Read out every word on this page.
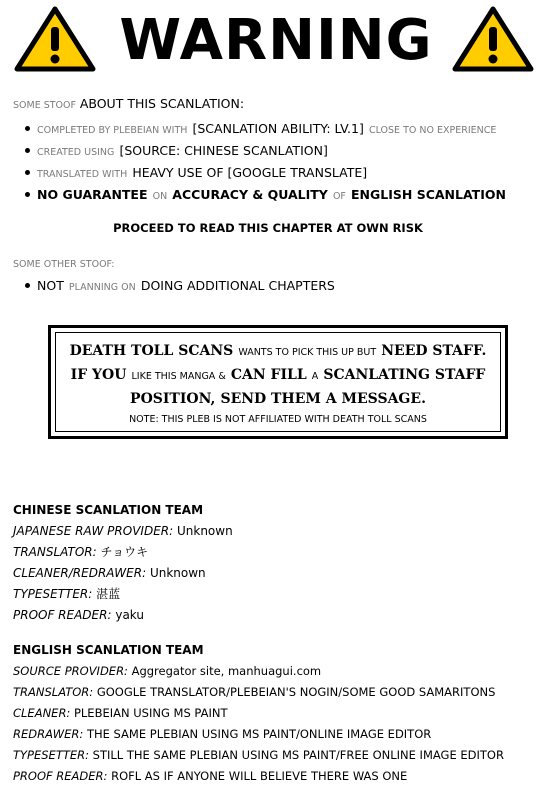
WARNING
SOME STOOF ABOUT THIS SCANLATION:
COMPLETED BY PLEBEIAN WITH [SCANLATION ABILITY: LV.1] CLOSE TO NO EXPERIENCE
CREATED USING [SOURCE: CHINESE SCANLATION]
TRANSLATED WITH HEAVY USE OF [GOOGLE TRANSLATE]
NO GUARANTEE ON ACCURACY & QUALITY OF ENGLISH SCANLATION
PROCEED TO READ THIS CHAPTER AT OWN RISK
SOME OTHER STOOF:
NOT PLANNING ON DOING ADDITIONAL CHAPTERS
DEATH TOLL SCANS WANTS TO PICK THIS UP BUT NEED STAFF.
IF YOU LIKE THIS MANGA & CAN FILL A SCANLATING STAFF
POSITION, SEND THEM A MESSAGE.
NOTE: THIS PLEB IS NOT AFFILIATED WITH DEATH TOLL SCANS
CHINESE SCANLATION TEAM
JAPANESE RAW PROVIDER: Unknown
TRANSLATOR: チョウキ
CLEANER/REDRAWER: Unknown
TYPESETTER: 湛蓝
PROOF READER: yaku
ENGLISH SCANLATION TEAM
SOURCE PROVIDER: Aggregator site, manhuagui.com
TRANSLATOR: GOOGLE TRANSLATOR/PLEBEIAN'S NOGIN/SOME GOOD SAMARITONS
CLEANER: PLEBEIAN USING MS PAINT
REDRAWER: THE SAME PLEBIAN USING MS PAINT/ONLINE IMAGE EDITOR
TYPESETTER: STILL THE SAME PLEBIAN USING MS PAINT/FREE ONLINE IMAGE EDITOR
PROOF READER: ROFL AS IF ANYONE WILL BELIEVE THERE WAS ONE
